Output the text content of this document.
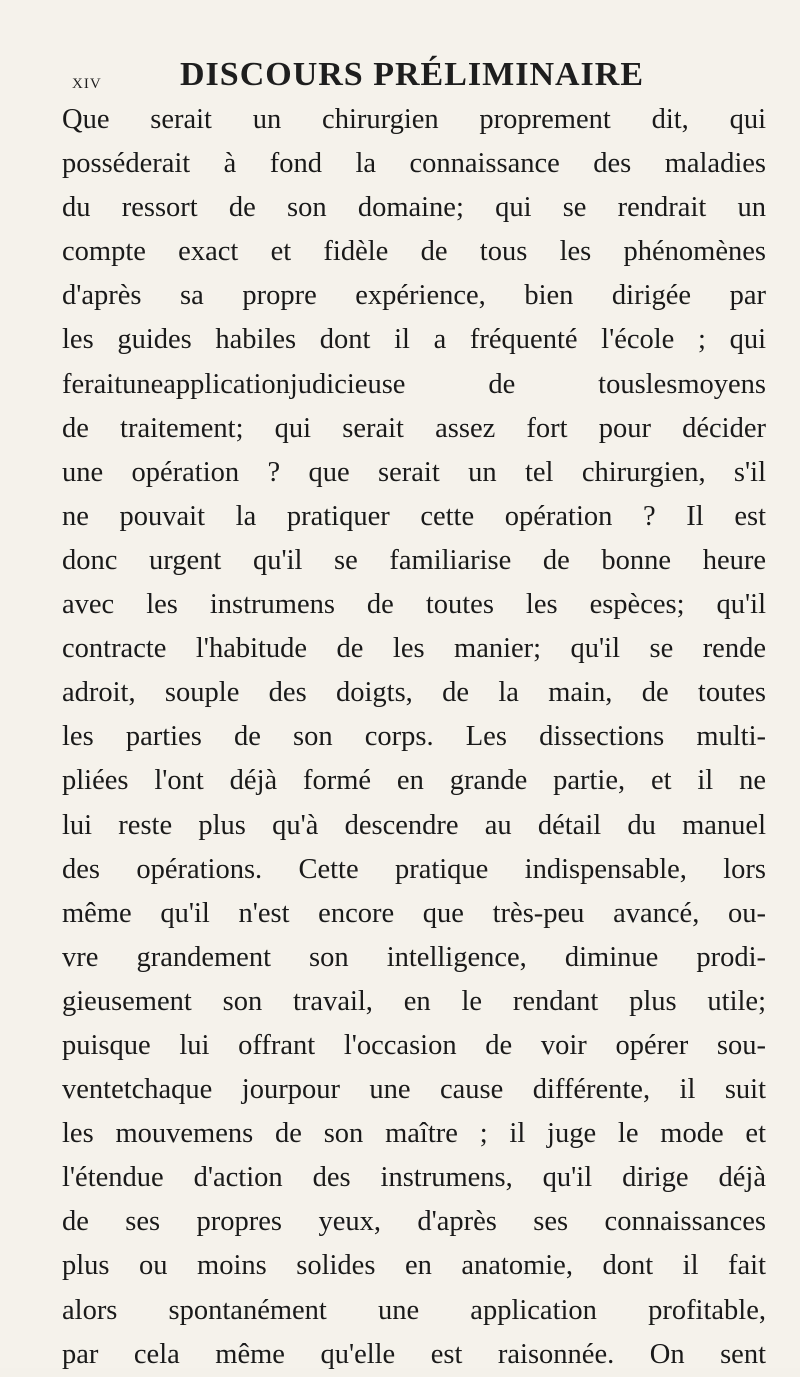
xiv DISCOURS PRÉLIMINAIRE
Que serait un chirurgien proprement dit, qui
posséderait à fond la connaissance des maladies
du ressort de son domaine; qui se rendrait un
compte exact et fidèle de tous les phénomènes
d'après sa propre expérience, bien dirigée par
les guides habiles dont il a fréquenté l'école ; qui
feraituneapplicationjudicieuse de touslesmoyens
de traitement; qui serait assez fort pour décider
une opération ? que serait un tel chirurgien, s'il
ne pouvait la pratiquer cette opération ? Il est
donc urgent qu'il se familiarise de bonne heure
avec les instrumens de toutes les espèces; qu'il
contracte l'habitude de les manier; qu'il se rende
adroit, souple des doigts, de la main, de toutes
les parties de son corps. Les dissections multi-
pliées l'ont déjà formé en grande partie, et il ne
lui reste plus qu'à descendre au détail du manuel
des opérations. Cette pratique indispensable, lors
même qu'il n'est encore que très-peu avancé, ou-
vre grandement son intelligence, diminue prodi-
gieusement son travail, en le rendant plus utile;
puisque lui offrant l'occasion de voir opérer sou-
ventetchaque jourpour une cause différente, il suit
les mouvemens de son maître ; il juge le mode et
l'étendue d'action des instrumens, qu'il dirige déjà
de ses propres yeux, d'après ses connaissances
plus ou moins solides en anatomie, dont il fait
alors spontanément une application profitable,
par cela même qu'elle est raisonnée. On sent
